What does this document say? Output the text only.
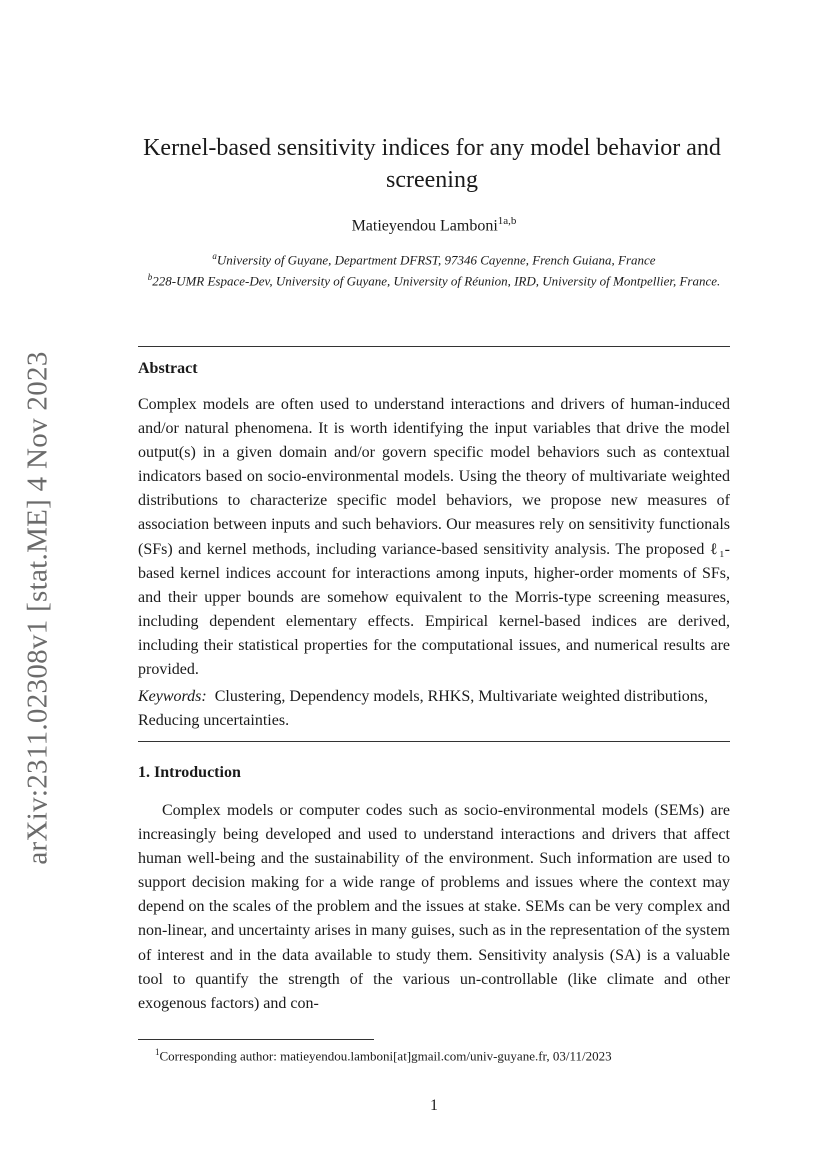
arXiv:2311.02308v1 [stat.ME] 4 Nov 2023
Kernel-based sensitivity indices for any model behavior and screening
Matieyendou Lamboni$^{1a,b}$
$^a$University of Guyane, Department DFRST, 97346 Cayenne, French Guiana, France
$^b$228-UMR Espace-Dev, University of Guyane, University of Réunion, IRD, University of Montpellier, France.
Abstract

Complex models are often used to understand interactions and drivers of human-induced and/or natural phenomena. It is worth identifying the input variables that drive the model output(s) in a given domain and/or govern specific model behaviors such as contextual indicators based on socio-environmental models. Using the theory of multivariate weighted distributions to characterize specific model behaviors, we propose new measures of association between inputs and such behaviors. Our measures rely on sensitivity functionals (SFs) and kernel methods, including variance-based sensitivity analysis. The proposed ℓ₁-based kernel indices account for interactions among inputs, higher-order moments of SFs, and their upper bounds are somehow equivalent to the Morris-type screening measures, including dependent elementary effects. Empirical kernel-based indices are derived, including their statistical properties for the computational issues, and numerical results are provided.

Keywords: Clustering, Dependency models, RHKS, Multivariate weighted distributions, Reducing uncertainties.

1. Introduction

Complex models or computer codes such as socio-environmental models (SEMs) are increasingly being developed and used to understand interactions and drivers that affect human well-being and the sustainability of the environment. Such information are used to support decision making for a wide range of problems and issues where the context may depend on the scales of the problem and the issues at stake. SEMs can be very complex and non-linear, and uncertainty arises in many guises, such as in the representation of the system of interest and in the data available to study them. Sensitivity analysis (SA) is a valuable tool to quantify the strength of the various un-controllable (like climate and other exogenous factors) and con-

$^1$Corresponding author: matieyendou.lamboni[at]gmail.com/univ-guyane.fr, 03/11/2023
1
